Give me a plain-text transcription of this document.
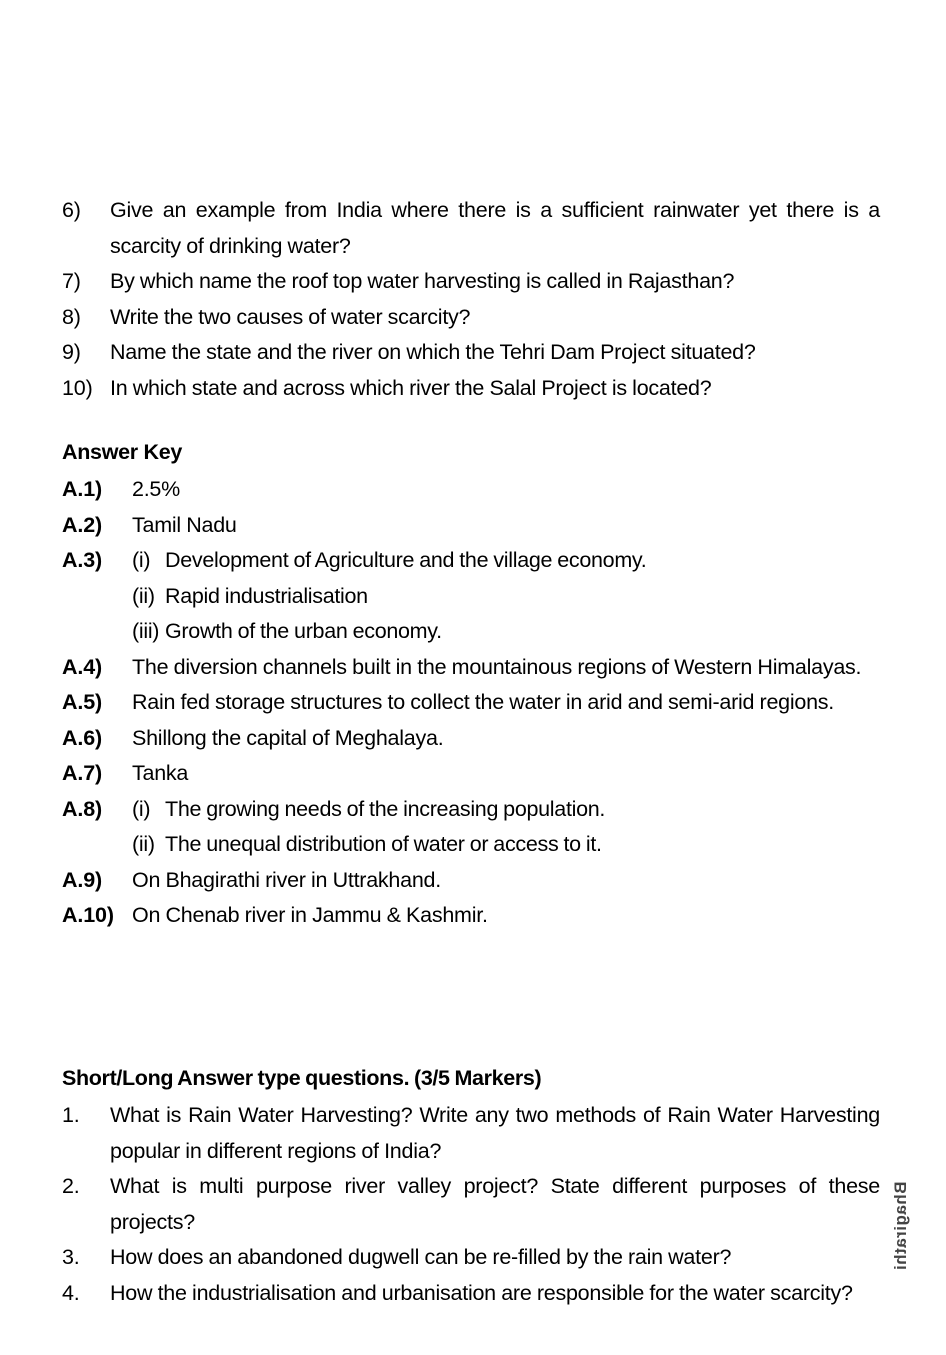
6)	Give an example from India where there is a sufficient rainwater yet there is a scarcity of drinking water?
7)	By which name the roof top water harvesting is called in Rajasthan?
8)	Write the two causes of water scarcity?
9)	Name the state and the river on which the Tehri Dam Project situated?
10) In which state and across which river the Salal Project is located?
Answer Key
A.1)	2.5%
A.2)	Tamil Nadu
A.3)	(i) Development of Agriculture and the village economy.
(ii) Rapid industrialisation
(iii) Growth of the urban economy.
A.4)	The diversion channels built in the mountainous regions of Western Himalayas.
A.5)	Rain fed storage structures to collect the water in arid and semi-arid regions.
A.6)	Shillong the capital of Meghalaya.
A.7)	Tanka
A.8)	(i) The growing needs of the increasing population.
(ii) The unequal distribution of water or access to it.
A.9)	On Bhagirathi river in Uttrakhand.
A.10) On Chenab river in Jammu & Kashmir.
Short/Long Answer type questions. (3/5 Markers)
1.	What is Rain Water Harvesting? Write any two methods of Rain Water Harvesting popular in different regions of India?
2.	What is multi purpose river valley project? State different purposes of these projects?
3.	How does an abandoned dugwell can be re-filled by the rain water?
4.	How the industrialisation and urbanisation are responsible for the water scarcity?
Bhagirathi
